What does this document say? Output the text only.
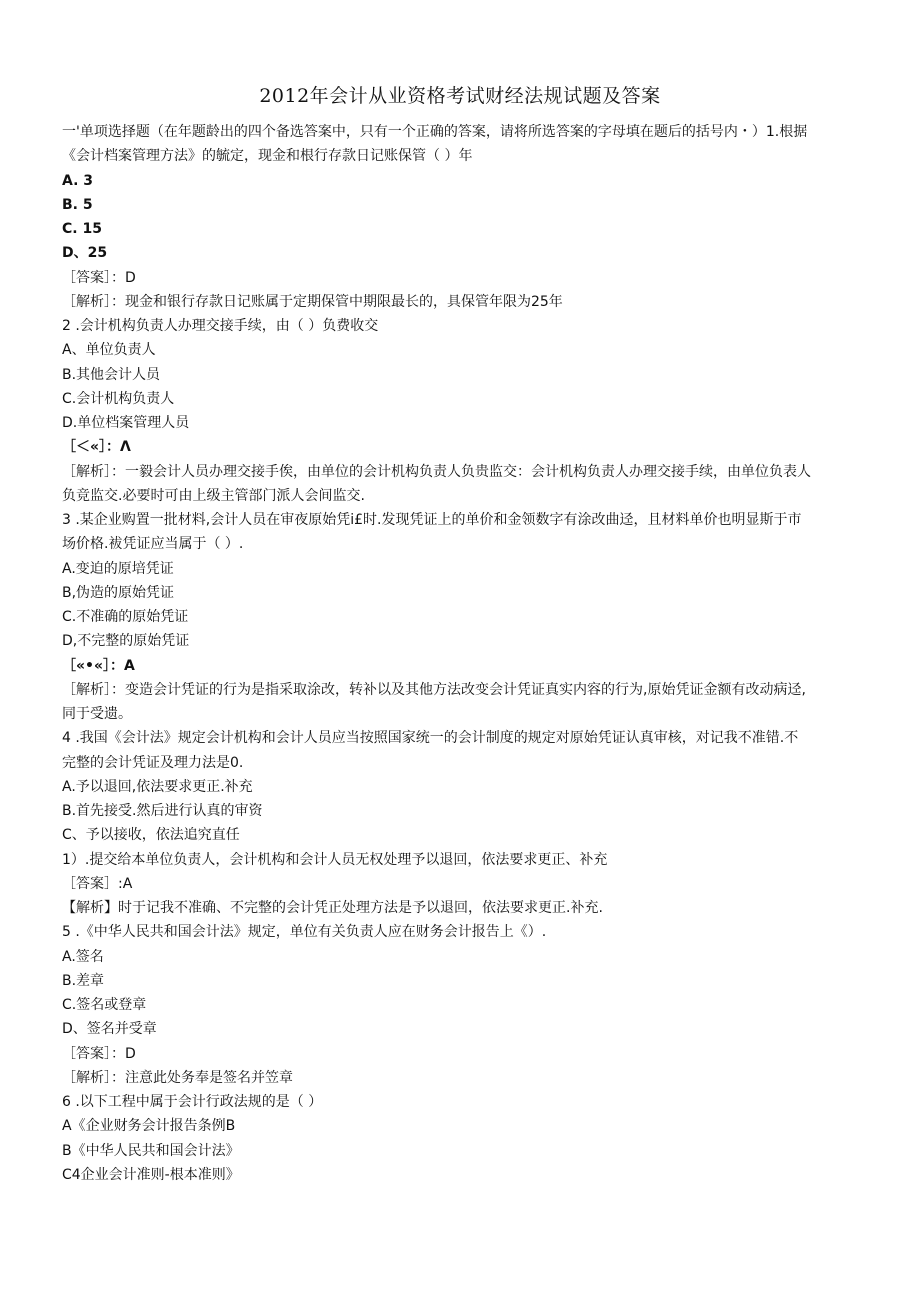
2012年会计从业资格考试财经法规试题及答案
一'单项选择题（在年题龄出的四个备选答案中，只有一个正确的答案，请将所选答案的字母填在题后的括号内・）1.根据
《会计档案管理方法》的毓定，现金和根行存款日记账保管（ ）年
A. 3
B. 5
C. 15
D、25
［答案］：D
［解析］：现金和银行存款日记账属于定期保管中期限最长的，具保管年限为25年
2 .会计机构负责人办理交接手续，由（ ）负费收交
A、单位负责人
B.其他会计人员
C.会计机构负责人
D.单位档案管理人员
［＜«］：Λ
［解析］：一毅会计人员办理交接手俟，由单位的会计机构负责人负贵监交：会计机构负责人办理交接手续，由单位负表人
负竞监交.必要时可由上级主管部门派人会间监交.
3 .某企业购置一批材料,会计人员在审夜原始凭i£时.发现凭证上的单价和金领数字有涂改曲迳，且材料单价也明显斯于市
场价格.袚凭证应当属于（ ）.
A.变迫的原培凭证
B,伪造的原始凭证
C.不准确的原始凭证
D,不完整的原始凭证
［«•«］：A
［解析］：变造会计凭证的行为是指采取涂改，转补以及其他方法改变会计凭证真实内容的行为,原始凭证金额有改动病迳,
同于受遗。
4 .我国《会计法》规定会计机构和会计人员应当按照国家统一的会计制度的规定对原始凭证认真审核，对记我不准错.不
完整的会计凭证及理力法是0.
A.予以退回,依法要求更正.补充
B.首先接受.然后进行认真的审资
C、予以接收，依法追究直任
1）.提交给本单位负责人，会计机构和会计人员无权处理予以退回，依法要求更正、补充
［答案］:A
【解析】时于记我不准确、不完整的会计凭正处理方法是予以退回，依法要求更正.补充.
5 .《中华人民共和国会计法》规定，单位有关负责人应在财务会计报告上《）.
A.签名
B.差章
C.签名或登章
D、签名并受章
［答案］：D
［解析］：注意此处务奉是签名并笠章
6 .以下工程中属于会计行政法规的是（ ）
A《企业财务会计报告条例B
B《中华人民共和国会计法》
C4企业会计准则-根本准则》
